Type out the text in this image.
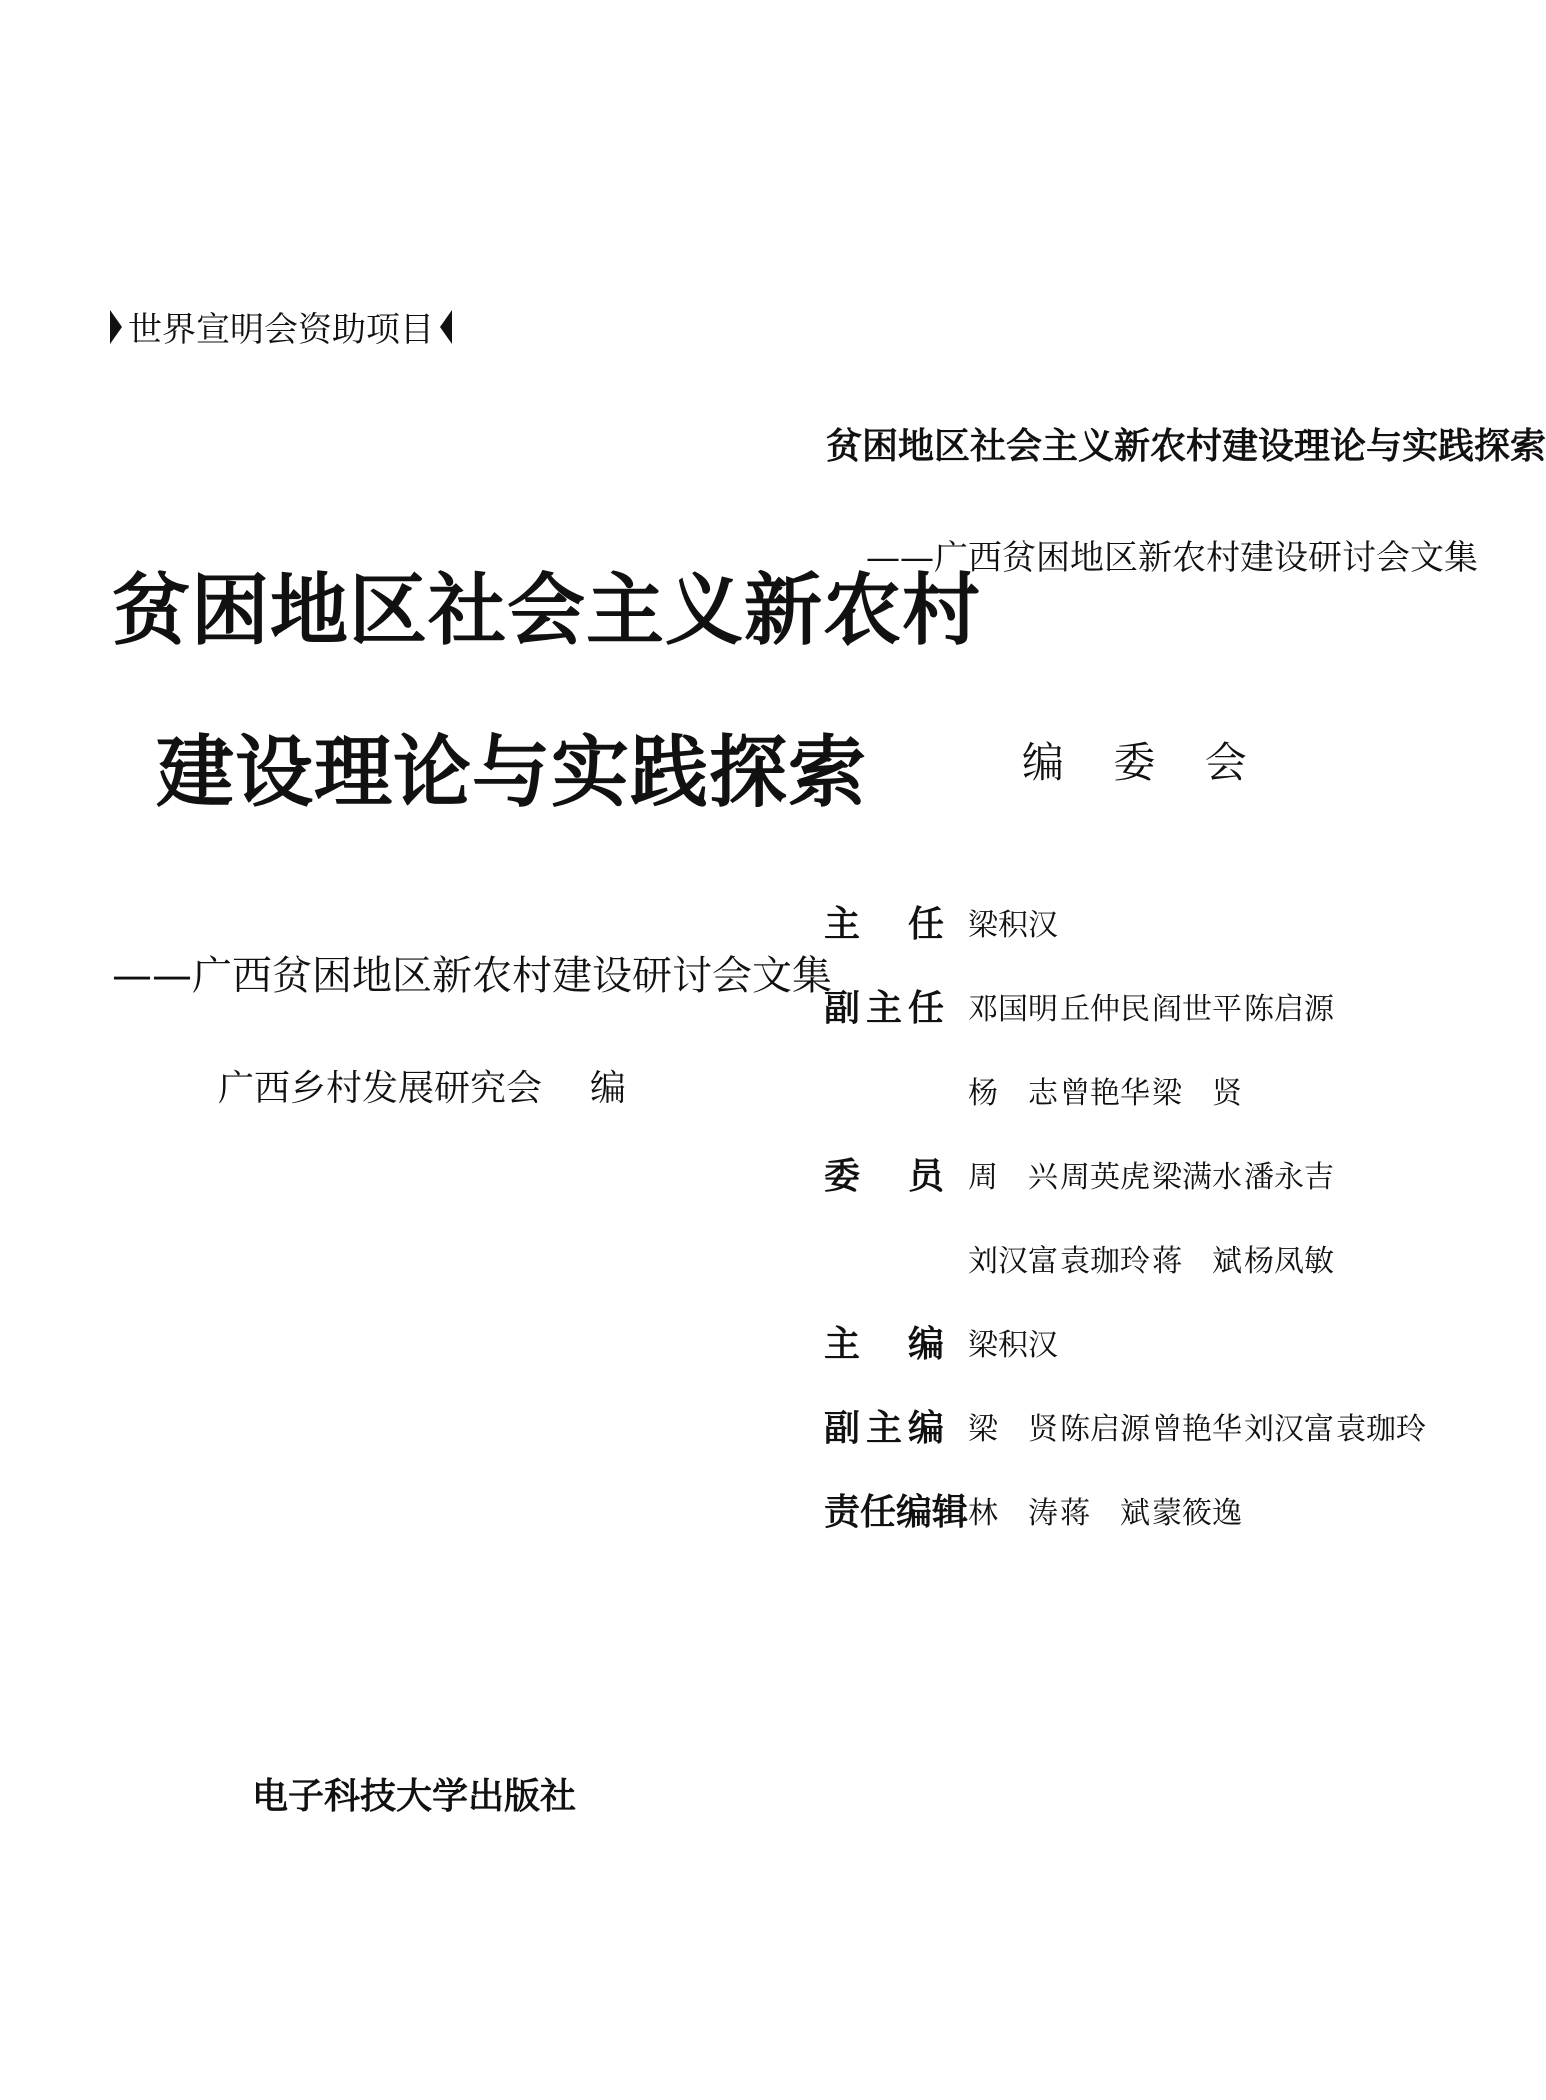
世界宣明会资助项目
贫困地区社会主义新农村
建设理论与实践探索
——广西贫困地区新农村建设研讨会文集
广西乡村发展研究会 编
电子科技大学出版社
贫困地区社会主义新农村建设理论与实践探索
——广西贫困地区新农村建设研讨会文集
编 委 会
主任 梁积汉
副主任 邓国明 丘仲民 阎世平 陈启源
杨　志 曾艳华 梁　贤
委员 周　兴 周英虎 梁满水 潘永吉
刘汉富 袁珈玲 蒋　斌 杨凤敏
主编 梁积汉
副主编 梁　贤 陈启源 曾艳华 刘汉富 袁珈玲
责任编辑 林　涛 蒋　斌 蒙筱逸
